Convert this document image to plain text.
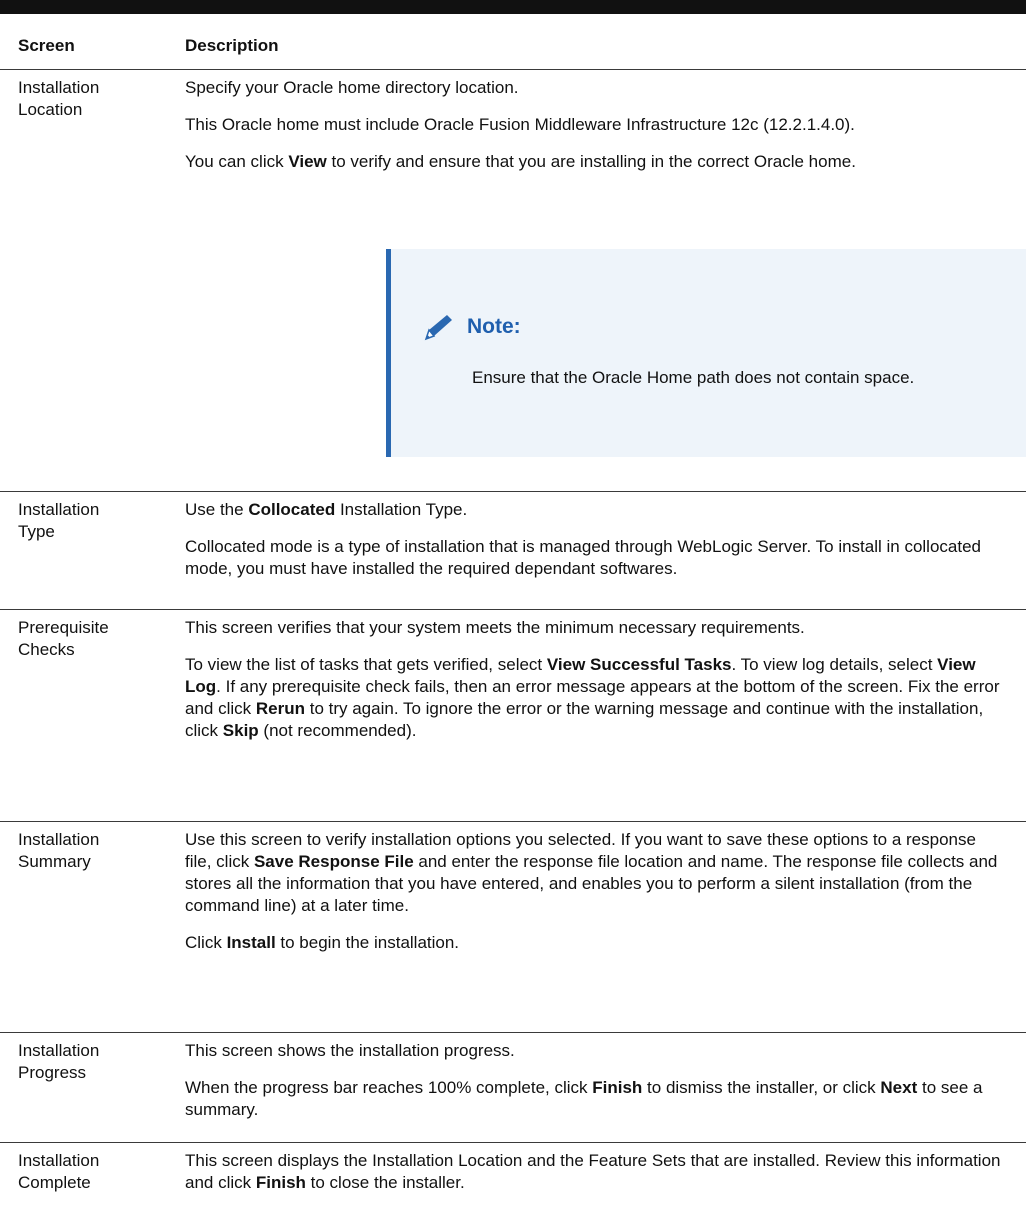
Screen	Description
Installation
Location

Specify your Oracle home directory location.

This Oracle home must include Oracle Fusion Middleware Infrastructure 12c (12.2.1.4.0).

You can click View to verify and ensure that you are installing in the correct Oracle home.

Note:
Ensure that the Oracle Home path does not contain space.
Installation
Type

Use the Collocated Installation Type.

Collocated mode is a type of installation that is managed through WebLogic Server. To install in collocated mode, you must have installed the required dependant softwares.

Prerequisite
Checks

This screen verifies that your system meets the minimum necessary requirements.

To view the list of tasks that gets verified, select View Successful Tasks. To view log details, select View Log. If any prerequisite check fails, then an error message appears at the bottom of the screen. Fix the error and click Rerun to try again. To ignore the error or the warning message and continue with the installation, click Skip (not recommended).

Installation
Summary

Use this screen to verify installation options you selected. If you want to save these options to a response file, click Save Response File and enter the response file location and name. The response file collects and stores all the information that you have entered, and enables you to perform a silent installation (from the command line) at a later time.

Click Install to begin the installation.

Installation
Progress

This screen shows the installation progress.

When the progress bar reaches 100% complete, click Finish to dismiss the installer, or click Next to see a summary.

Installation
Complete

This screen displays the Installation Location and the Feature Sets that are installed. Review this information and click Finish to close the installer.
